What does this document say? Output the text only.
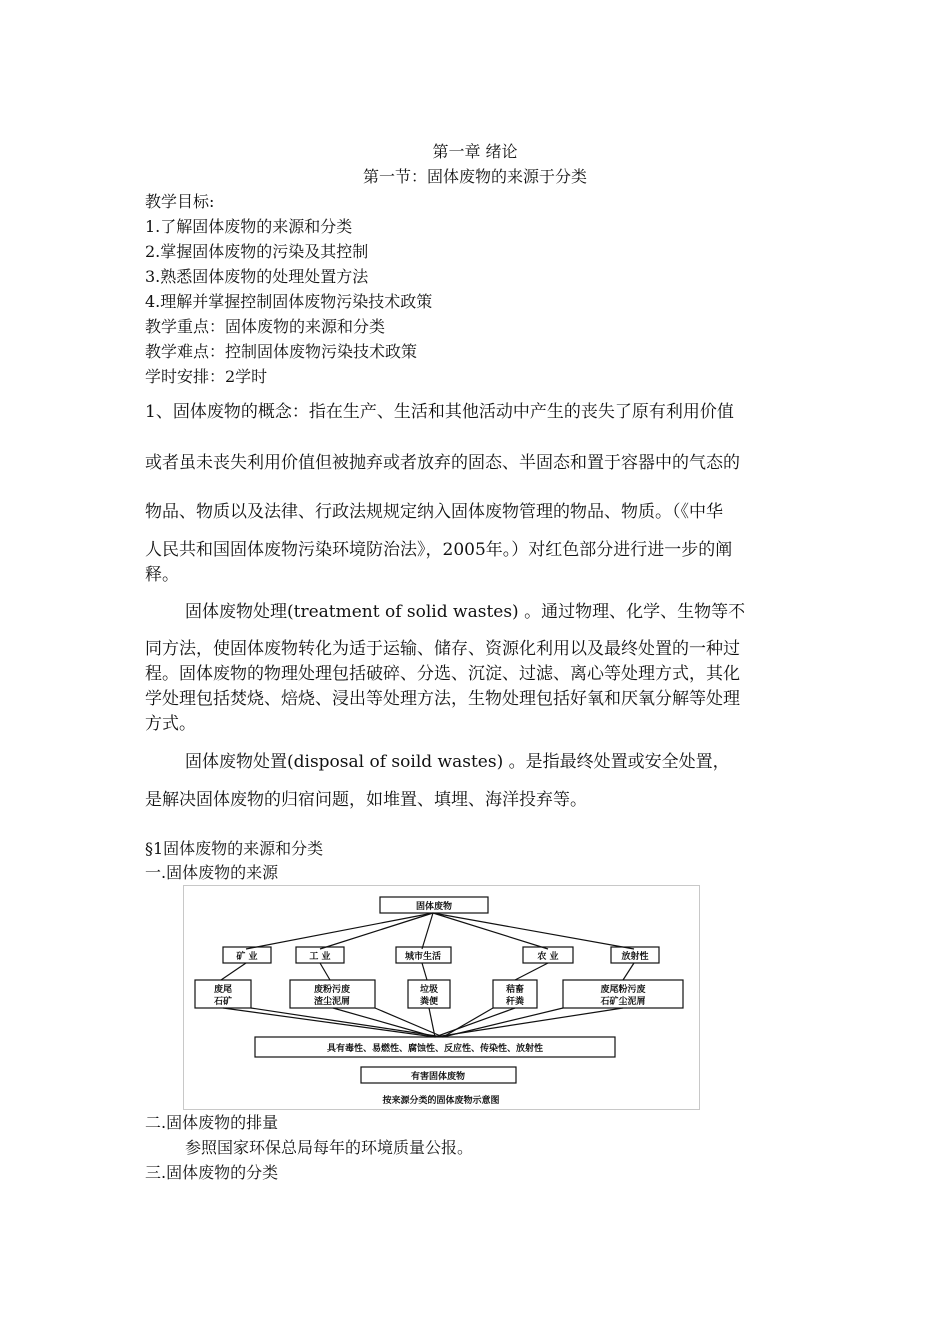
第一章 绪论
第一节：固体废物的来源于分类
教学目标:
1.了解固体废物的来源和分类
2.掌握固体废物的污染及其控制
3.熟悉固体废物的处理处置方法
4.理解并掌握控制固体废物污染技术政策
教学重点：固体废物的来源和分类
教学难点：控制固体废物污染技术政策
学时安排：2学时
1、固体废物的概念：指在生产、生活和其他活动中产生的丧失了原有利用价值
或者虽未丧失利用价值但被抛弃或者放弃的固态、半固态和置于容器中的气态的
物品、物质以及法律、行政法规规定纳入固体废物管理的物品、物质。（《中华
人民共和国固体废物污染环境防治法》，2005年。）对红色部分进行进一步的阐
释。
固体废物处理(treatment of solid wastes) 。通过物理、化学、生物等不
同方法，使固体废物转化为适于运输、储存、资源化利用以及最终处置的一种过
程。固体废物的物理处理包括破碎、分选、沉淀、过滤、离心等处理方式，其化
学处理包括焚烧、焙烧、浸出等处理方法，生物处理包括好氧和厌氧分解等处理
方式。
固体废物处置(disposal of soild wastes) 。是指最终处置或安全处置，
是解决固体废物的归宿问题，如堆置、填埋、海洋投弃等。
§1固体废物的来源和分类
一.固体废物的来源
固体废物
矿 业	工 业	城市生活	农 业	放射性
废尾
石矿
废粉污废
渣尘泥屑
垃圾
粪便
秸畜
秆粪
废尾粉污废
石矿尘泥屑
具有毒性、易燃性、腐蚀性、反应性、传染性、放射性
有害固体废物
按来源分类的固体废物示意图
二.固体废物的排量
参照国家环保总局每年的环境质量公报。
三.固体废物的分类
